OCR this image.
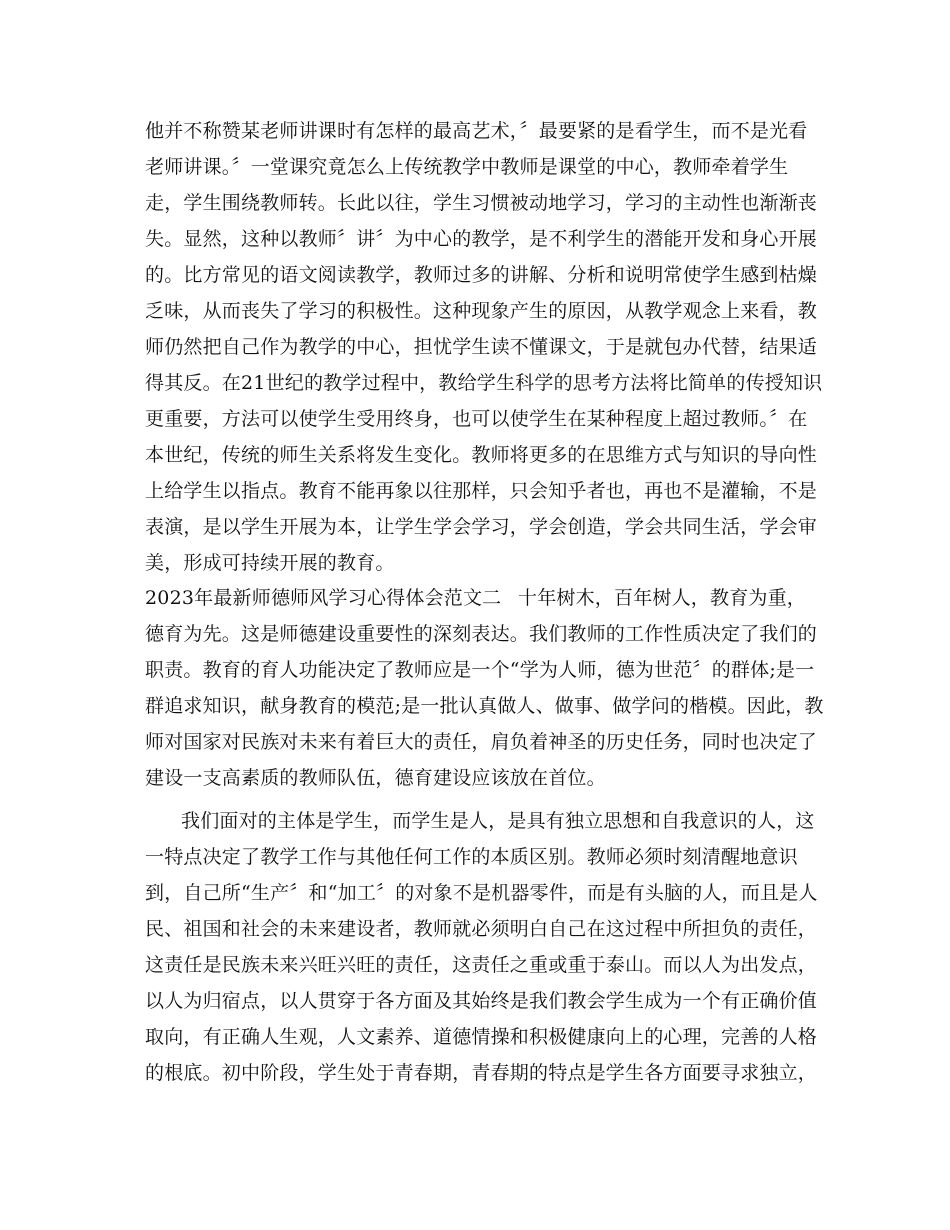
他并不称赞某老师讲课时有怎样的最高艺术，〞最要紧的是看学生，而不是光看
老师讲课。〞一堂课究竟怎么上传统教学中教师是课堂的中心，教师牵着学生
走，学生围绕教师转。长此以往，学生习惯被动地学习，学习的主动性也渐渐丧
失。显然，这种以教师〞讲〞为中心的教学，是不利学生的潜能开发和身心开展
的。比方常见的语文阅读教学，教师过多的讲解、分析和说明常使学生感到枯燥
乏味，从而丧失了学习的积极性。这种现象产生的原因，从教学观念上来看，教
师仍然把自己作为教学的中心，担忧学生读不懂课文，于是就包办代替，结果适
得其反。在21世纪的教学过程中，教给学生科学的思考方法将比简单的传授知识
更重要，方法可以使学生受用终身，也可以使学生在某种程度上超过教师。〞在
本世纪，传统的师生关系将发生变化。教师将更多的在思维方式与知识的导向性
上给学生以指点。教育不能再象以往那样，只会知乎者也，再也不是灌输，不是
表演，是以学生开展为本，让学生学会学习，学会创造，学会共同生活，学会审
美，形成可持续开展的教育。
2023年最新师德师风学习心得体会范文二 十年树木，百年树人，教育为重，
德育为先。这是师德建设重要性的深刻表达。我们教师的工作性质决定了我们的
职责。教育的育人功能决定了教师应是一个“学为人师，德为世范〞的群体;是一
群追求知识，献身教育的模范;是一批认真做人、做事、做学问的楷模。因此，教
师对国家对民族对未来有着巨大的责任，肩负着神圣的历史任务，同时也决定了
建设一支高素质的教师队伍，德育建设应该放在首位。
我们面对的主体是学生，而学生是人，是具有独立思想和自我意识的人，这
一特点决定了教学工作与其他任何工作的本质区别。教师必须时刻清醒地意识
到，自己所“生产〞和“加工〞的对象不是机器零件，而是有头脑的人，而且是人
民、祖国和社会的未来建设者，教师就必须明白自己在这过程中所担负的责任，
这责任是民族未来兴旺兴旺的责任，这责任之重或重于泰山。而以人为出发点，
以人为归宿点，以人贯穿于各方面及其始终是我们教会学生成为一个有正确价值
取向，有正确人生观，人文素养、道德情操和积极健康向上的心理，完善的人格
的根底。初中阶段，学生处于青春期，青春期的特点是学生各方面要寻求独立，
